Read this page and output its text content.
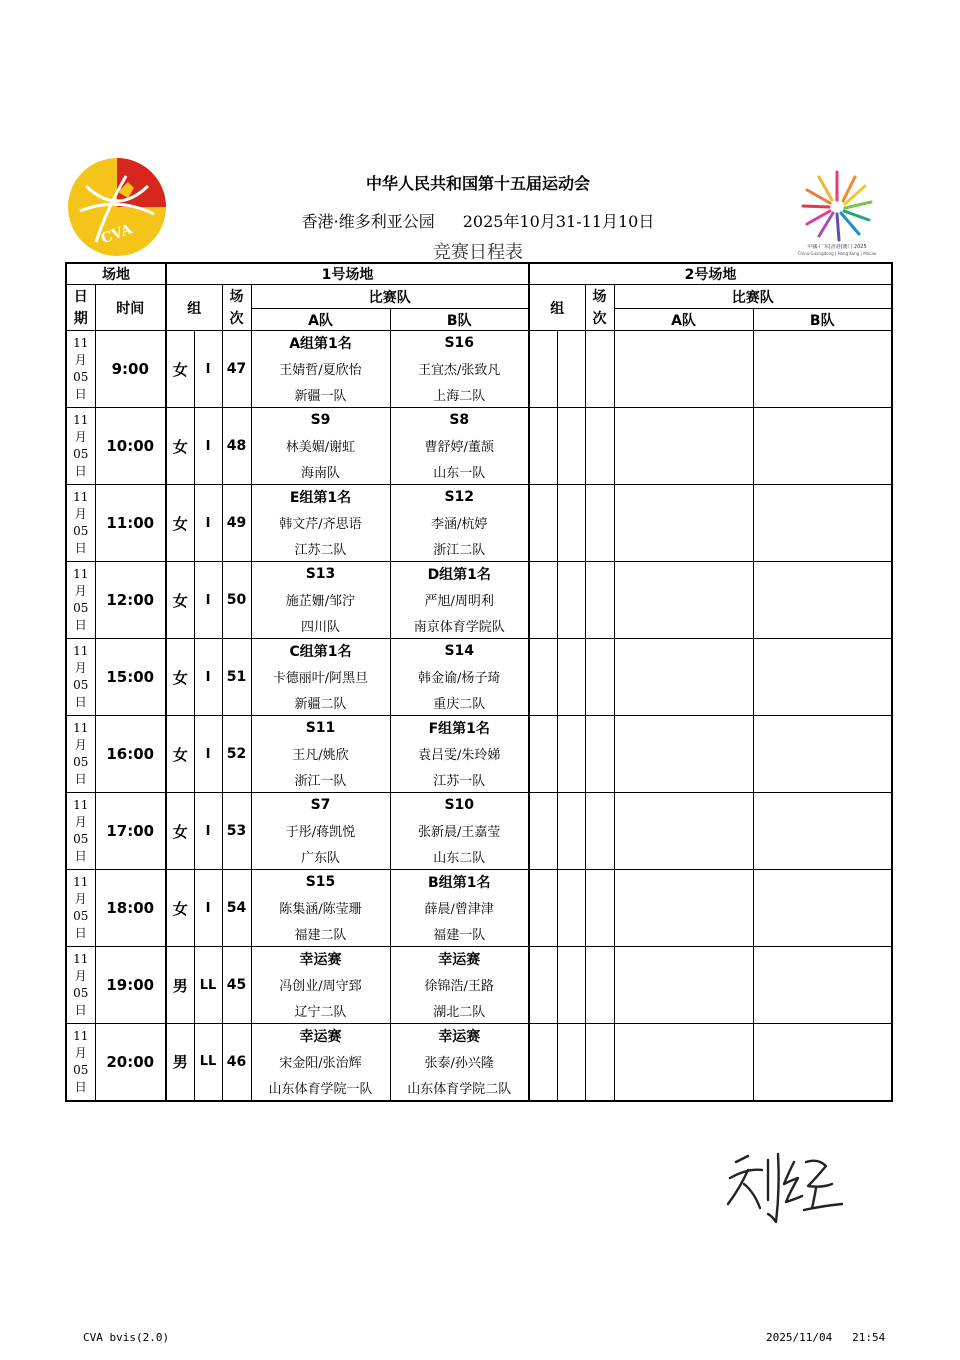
CVA	中國·广东|香港|澳门 2025
China·Guangdong | Hong Kong | Macao
中华人民共和国第十五届运动会
香港·维多利亚公园 2025年10月31-11月10日
竞赛日程表
场地		1号场地					2号场地				

日期	时间	组		场次	比赛队		组		场次	比赛队	
					A队	B队				A队	B队

11
月
05
日	9:00	女	I	47	A组第1名	S16					
					王婧哲/夏欣怡	王宜杰/张致凡					
					新疆一队	上海二队					

11
月
05
日	10:00	女	I	48	S9	S8					
					林美媚/谢虹	曹舒婷/董颉					
					海南队	山东一队					

11
月
05
日	11:00	女	I	49	E组第1名	S12					
					韩文芹/齐思语	李涵/杭婷					
					江苏二队	浙江二队					

11
月
05
日	12:00	女	I	50	S13	D组第1名					
					施芷姗/邹泞	严旭/周明利					
					四川队	南京体育学院队					

11
月
05
日	15:00	女	I	51	C组第1名	S14					
					卡德丽叶/阿黑旦	韩金谕/杨子琦					
					新疆二队	重庆二队					

11
月
05
日	16:00	女	I	52	S11	F组第1名					
					王凡/姚欣	袁吕雯/朱玲娣					
					浙江一队	江苏一队					

11
月
05
日	17:00	女	I	53	S7	S10					
					于彤/蒋凯悦	张新晨/王嘉莹					
					广东队	山东二队					

11
月
05
日	18:00	女	I	54	S15	B组第1名					
					陈集涵/陈莹珊	薛晨/曾津津					
					福建二队	福建一队					

11
月
05
日	19:00	男	LL	45	幸运赛	幸运赛					
					冯创业/周守郅	徐锦浩/王路					
					辽宁二队	湖北二队					

11
月
05
日	20:00	男	LL	46	幸运赛	幸运赛					
					宋金阳/张治辉	张泰/孙兴隆					
					山东体育学院一队	山东体育学院二队					
CVA bvis(2.0)	2025/11/04 21:54
